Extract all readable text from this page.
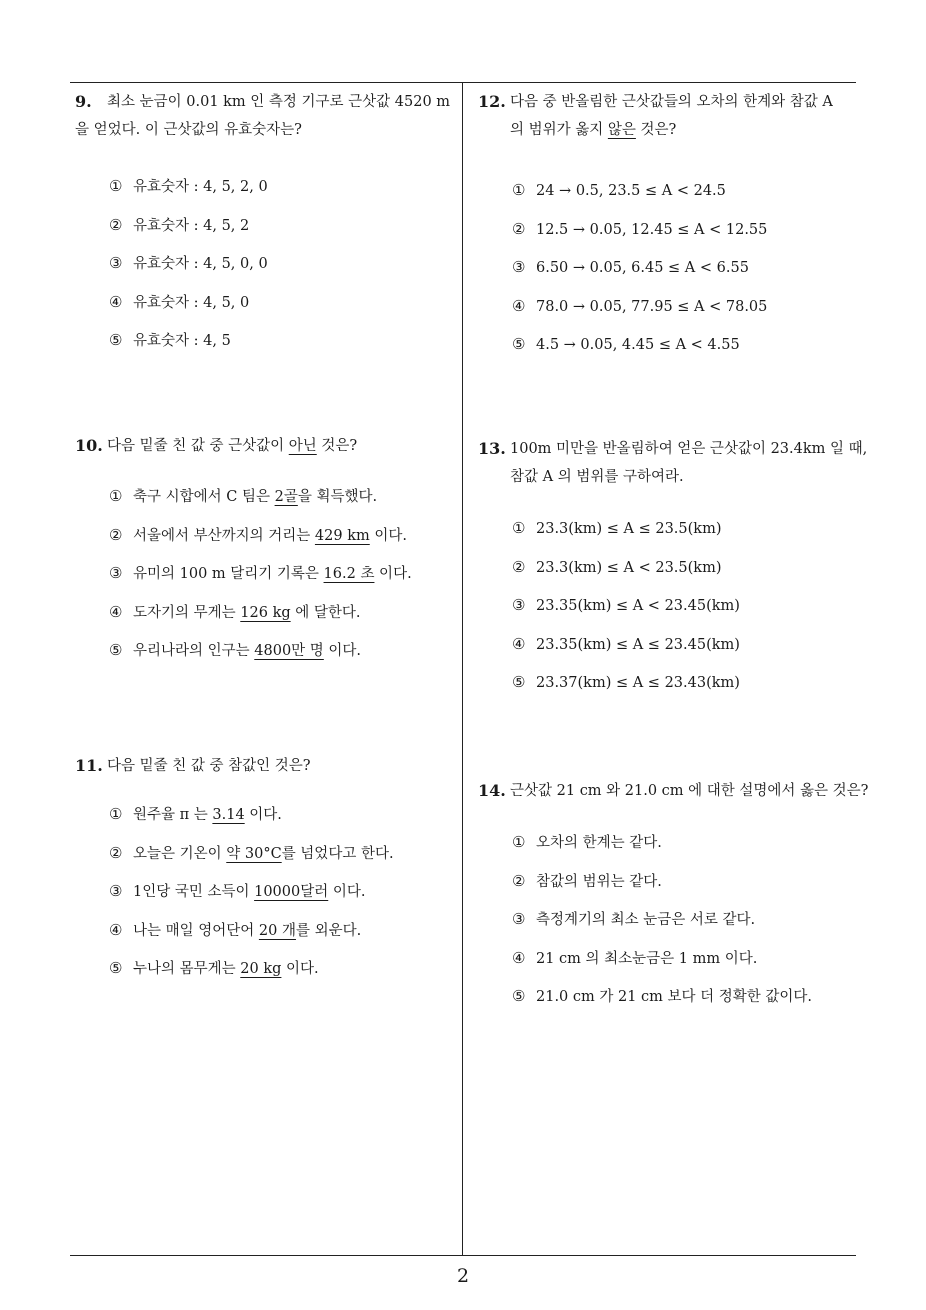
9. 최소 눈금이 0.01 km 인 측정 기구로 근삿값 4520 m
을 얻었다. 이 근삿값의 유효숫자는?
① 유효숫자 : 4, 5, 2, 0
② 유효숫자 : 4, 5, 2
③ 유효숫자 : 4, 5, 0, 0
④ 유효숫자 : 4, 5, 0
⑤ 유효숫자 : 4, 5
10. 다음 밑줄 친 값 중 근삿값이 아닌 것은?
① 축구 시합에서 C 팀은 2골을 획득했다.
② 서울에서 부산까지의 거리는 429 km 이다.
③ 유미의 100 m 달리기 기록은 16.2 초 이다.
④ 도자기의 무게는 126 kg 에 달한다.
⑤ 우리나라의 인구는 4800만 명 이다.
11. 다음 밑줄 친 값 중 참값인 것은?
① 원주율 π 는 3.14 이다.
② 오늘은 기온이 약 30°C를 넘었다고 한다.
③ 1인당 국민 소득이 10000달러 이다.
④ 나는 매일 영어단어 20 개를 외운다.
⑤ 누나의 몸무게는 20 kg 이다.
12. 다음 중 반올림한 근삿값들의 오차의 한계와 참값 A
의 범위가 옳지 않은 것은?
① 24 → 0.5, 23.5 ≤ A < 24.5
② 12.5 → 0.05, 12.45 ≤ A < 12.55
③ 6.50 → 0.05, 6.45 ≤ A < 6.55
④ 78.0 → 0.05, 77.95 ≤ A < 78.05
⑤ 4.5 → 0.05, 4.45 ≤ A < 4.55
13. 100m 미만을 반올림하여 얻은 근삿값이 23.4km 일 때,
참값 A 의 범위를 구하여라.
① 23.3(km) ≤ A ≤ 23.5(km)
② 23.3(km) ≤ A < 23.5(km)
③ 23.35(km) ≤ A < 23.45(km)
④ 23.35(km) ≤ A ≤ 23.45(km)
⑤ 23.37(km) ≤ A ≤ 23.43(km)
14. 근삿값 21 cm 와 21.0 cm 에 대한 설명에서 옳은 것은?
① 오차의 한계는 같다.
② 참값의 범위는 같다.
③ 측정계기의 최소 눈금은 서로 같다.
④ 21 cm 의 최소눈금은 1 mm 이다.
⑤ 21.0 cm 가 21 cm 보다 더 정확한 값이다.
2
